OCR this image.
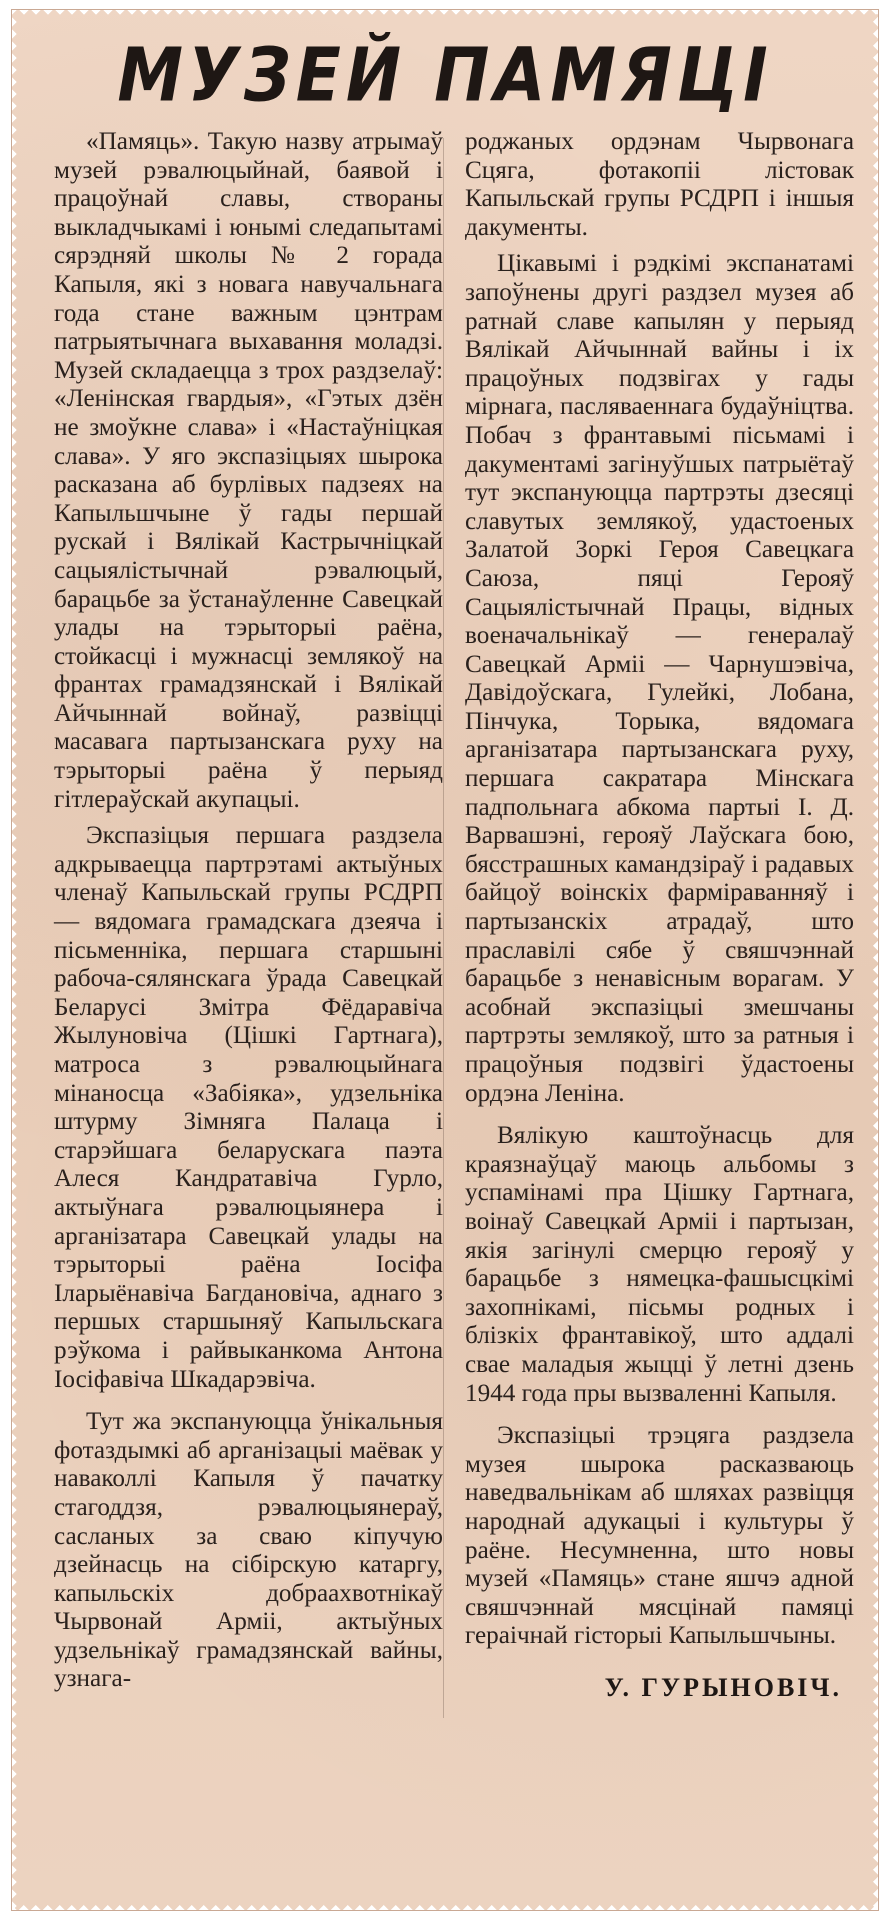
МУЗЕЙ ПАМЯЦІ

«Памяць». Такую назву атрымаў музей рэвалюцыйнай, баявой і працоўнай славы, створаны выкладчыкамі і юнымі следапытамі сярэдняй школы № 2 горада Капыля, які з новага навучальнага года стане важным цэнтрам патрыятычнага выхавання моладзі. Музей складаецца з трох раздзелаў: «Ленінская гвардыя», «Гэтых дзён не змоўкне слава» і «Настаўніцкая слава». У яго экспазіцыях шырока расказана аб бурлівых падзеях на Капыльшчыне ў гады першай рускай і Вялікай Кастрычніцкай сацыялістычнай рэвалюцый, барацьбе за ўстанаўленне Савецкай улады на тэрыторыі раёна, стойкасці і мужнасці землякоў на франтах грамадзянскай і Вялікай Айчыннай войнаў, развіцці масавага партызанскага руху на тэрыторыі раёна ў перыяд гітлераўскай акупацыі.

Экспазіцыя першага раздзела адкрываецца партрэтамі актыўных членаў Капыльскай групы РСДРП — вядомага грамадскага дзеяча і пісьменніка, першага старшыні рабоча-сялянскага ўрада Савецкай Беларусі Змітра Фёдаравіча Жылуновіча (Цішкі Гартнага), матроса з рэвалюцыйнага мінаносца «Забіяка», удзельніка штурму Зімняга Палаца і старэйшага беларускага паэта Алеся Кандратавіча Гурло, актыўнага рэвалюцыянера і арганізатара Савецкай улады на тэрыторыі раёна Іосіфа Іларыёнавіча Багдановіча, аднаго з першых старшыняў Капыльскага рэўкома і райвыканкома Антона Іосіфавіча Шкадарэвіча.

Тут жа экспануюцца ўнікальныя фотаздымкі аб арганізацыі маёвак у наваколлі Капыля ў пачатку стагоддзя, рэвалюцыянераў, сасланых за сваю кіпучую дзейнасць на сібірскую катаргу, капыльскіх добраахвотнікаў Чырвонай Арміі, актыўных удзельнікаў грамадзянскай вайны, узнага-

роджаных ордэнам Чырвонага Сцяга, фотакопіі лістовак Капыльскай групы РСДРП і іншыя дакументы.

Цікавымі і рэдкімі экспанатамі запоўнены другі раздзел музея аб ратнай славе капылян у перыяд Вялікай Айчыннай вайны і іх працоўных подзвігах у гады мірнага, пасляваеннага будаўніцтва. Побач з франтавымі пісьмамі і дакументамі загінуўшых патрыётаў тут экспануюцца партрэты дзесяці славутых землякоў, удастоеных Залатой Зоркі Героя Савецкага Саюза, пяці Герояў Сацыялістычнай Працы, відных военачальнікаў — генералаў Савецкай Арміі — Чарнушэвіча, Давідоўскага, Гулейкі, Лобана, Пінчука, Торыка, вядомага арганізатара партызанскага руху, першага сакратара Мінскага падпольнага абкома партыі І. Д. Варвашэні, герояў Лаўскага бою, бясстрашных камандзіраў і радавых байцоў воінскіх фарміраванняў і партызанскіх атрадаў, што праславілі сябе ў свяшчэннай барацьбе з ненавісным ворагам. У асобнай экспазіцыі змешчаны партрэты землякоў, што за ратныя і працоўныя подзвігі ўдастоены ордэна Леніна.

Вялікую каштоўнасць для краязнаўцаў маюць альбомы з успамінамі пра Цішку Гартнага, воінаў Савецкай Арміі і партызан, якія загінулі смерцю герояў у барацьбе з нямецка-фашысцкімі захопнікамі, пісьмы родных і блізкіх франтавікоў, што аддалі свае маладыя жыцці ў летні дзень 1944 года пры вызваленні Капыля.

Экспазіцыі трэцяга раздзела музея шырока расказваюць наведвальнікам аб шляхах развіцця народнай адукацыі і культуры ў раёне. Несумненна, што новы музей «Памяць» стане яшчэ адной свяшчэннай мясцінай памяці гераічнай гісторыі Капыльшчыны.

У. ГУРЫНОВІЧ.
